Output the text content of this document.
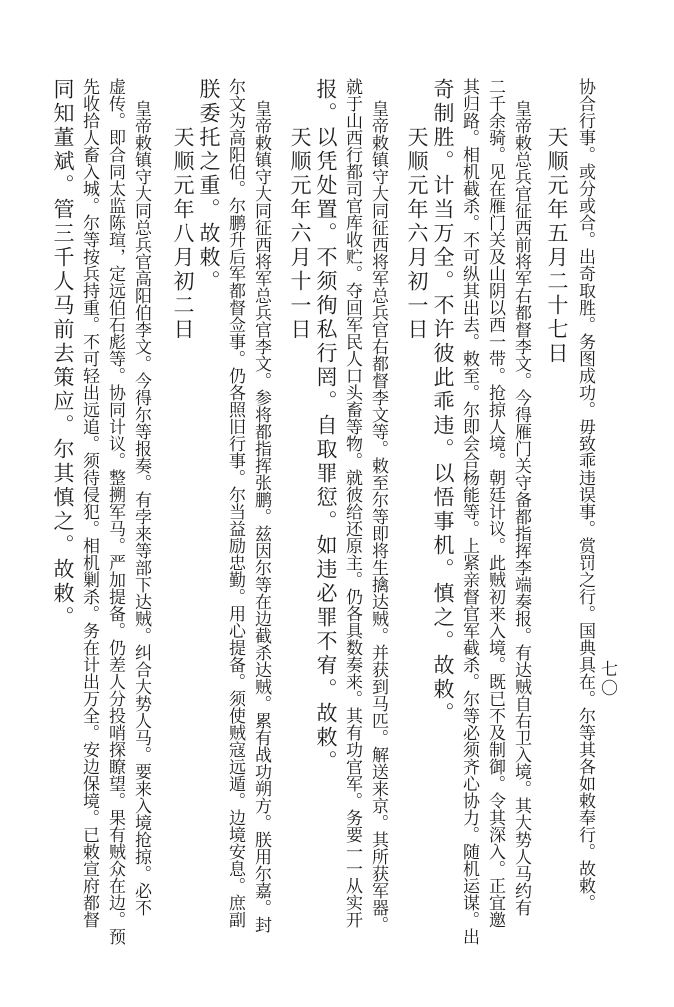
七〇
协合行事。或分或合。出奇取胜。务图成功。毋致乖违误事。赏罚之行。国典具在。尔等其各如敕奉行。故敕。
天顺元年五月二十七日
皇帝敕总兵官征西前将军右都督李文。今得雁门关守备都指挥李端奏报。有达贼自右卫入境。其大势人马约有
二千余骑。见在雁门关及山阴以西一带。抢掠人境。朝廷计议。此贼初来入境。既已不及制御。令其深入。正宜邀
其归路。相机截杀。不可纵其出去。敕至。尔即会合杨能等。上紧亲督官军截杀。尔等必须齐心协力。随机运谋。出
奇制胜。计当万全。不许彼此乖违。以悟事机。慎之。故敕。
天顺元年六月初一日
皇帝敕镇守大同征西将军总兵官右都督李文等。敕至尔等即将生擒达贼。并获到马匹。解送来京。其所获军器。
就于山西行都司官库收贮。夺回军民人口头畜等物。就彼给还原主。仍各具数奏来。其有功官军。务要一一从实开
报。以凭处置。不须徇私行罔。自取罪愆。如违必罪不宥。故敕。
天顺元年六月十一日
皇帝敕镇守大同征西将军总兵官李文。参将都指挥张鹏。兹因尔等在边截杀达贼。累有战功朔方。朕用尔嘉。封
尔文为高阳伯。尔鹏升后军都督佥事。仍各照旧行事。尔当益励忠勤。用心提备。须使贼寇远遁。边境安息。庶副
朕委托之重。故敕。
天顺元年八月初二日
皇帝敕镇守大同总兵官高阳伯李文。今得尔等报奏。有孛来等部下达贼。纠合大势人马。要来入境抢掠。必不
虚传。即合同太监陈瑄，定远伯石彪等。协同计议。整搠军马。严加提备。仍差人分投哨探瞭望。果有贼众在边。预
先收拾人畜入城。尔等按兵持重。不可轻出远追。须待侵犯。相机剿杀。务在计出万全。安边保境。已敕宣府都督
同知董斌。管三千人马前去策应。尔其慎之。故敕。
